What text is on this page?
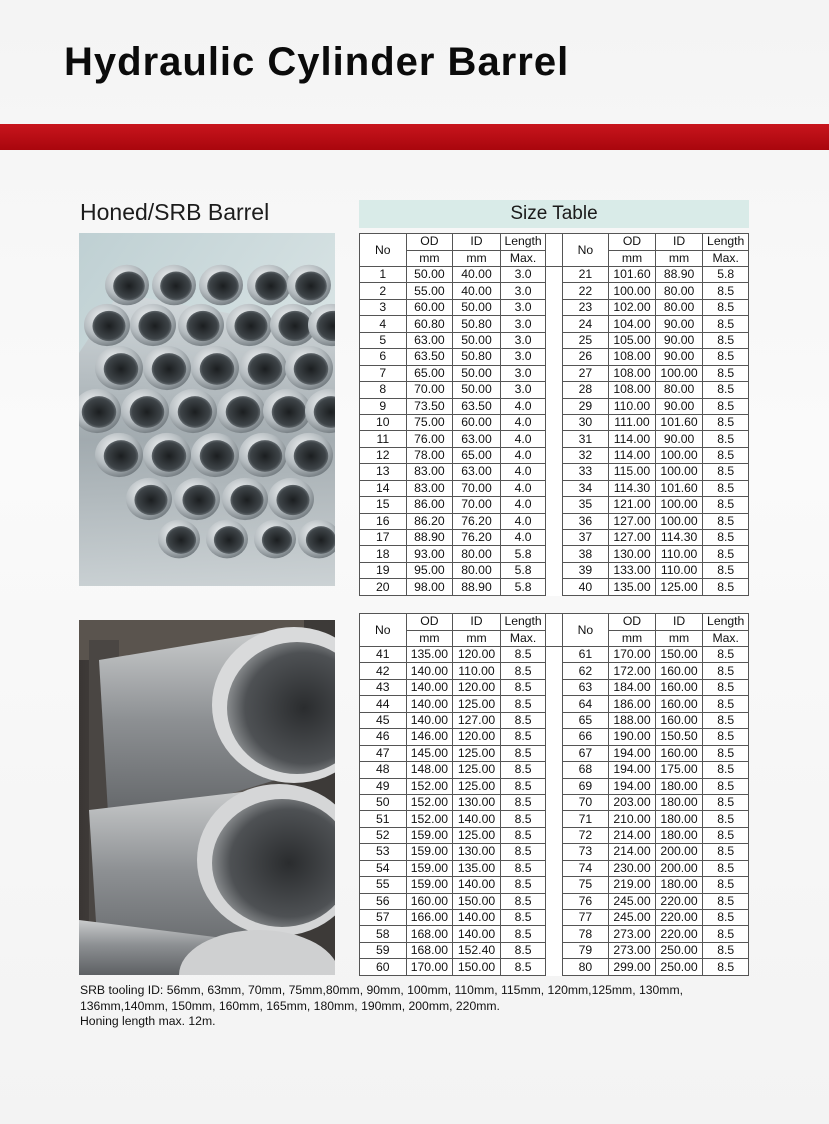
Hydraulic Cylinder Barrel
Honed/SRB Barrel	Size Table
No	OD	ID	Length		No	OD	ID	Length
	mm	mm	Max.			mm	mm	Max.
1	50.00	40.00	3.0		21	101.60	88.90	5.8
2	55.00	40.00	3.0		22	100.00	80.00	8.5
3	60.00	50.00	3.0		23	102.00	80.00	8.5
4	60.80	50.80	3.0		24	104.00	90.00	8.5
5	63.00	50.00	3.0		25	105.00	90.00	8.5
6	63.50	50.80	3.0		26	108.00	90.00	8.5
7	65.00	50.00	3.0		27	108.00	100.00	8.5
8	70.00	50.00	3.0		28	108.00	80.00	8.5
9	73.50	63.50	4.0		29	110.00	90.00	8.5
10	75.00	60.00	4.0		30	111.00	101.60	8.5
11	76.00	63.00	4.0		31	114.00	90.00	8.5
12	78.00	65.00	4.0		32	114.00	100.00	8.5
13	83.00	63.00	4.0		33	115.00	100.00	8.5
14	83.00	70.00	4.0		34	114.30	101.60	8.5
15	86.00	70.00	4.0		35	121.00	100.00	8.5
16	86.20	76.20	4.0		36	127.00	100.00	8.5
17	88.90	76.20	4.0		37	127.00	114.30	8.5
18	93.00	80.00	5.8		38	130.00	110.00	8.5
19	95.00	80.00	5.8		39	133.00	110.00	8.5
20	98.00	88.90	5.8		40	135.00	125.00	8.5
No	OD	ID	Length		No	OD	ID	Length
	mm	mm	Max.			mm	mm	Max.
41	135.00	120.00	8.5		61	170.00	150.00	8.5
42	140.00	110.00	8.5		62	172.00	160.00	8.5
43	140.00	120.00	8.5		63	184.00	160.00	8.5
44	140.00	125.00	8.5		64	186.00	160.00	8.5
45	140.00	127.00	8.5		65	188.00	160.00	8.5
46	146.00	120.00	8.5		66	190.00	150.50	8.5
47	145.00	125.00	8.5		67	194.00	160.00	8.5
48	148.00	125.00	8.5		68	194.00	175.00	8.5
49	152.00	125.00	8.5		69	194.00	180.00	8.5
50	152.00	130.00	8.5		70	203.00	180.00	8.5
51	152.00	140.00	8.5		71	210.00	180.00	8.5
52	159.00	125.00	8.5		72	214.00	180.00	8.5
53	159.00	130.00	8.5		73	214.00	200.00	8.5
54	159.00	135.00	8.5		74	230.00	200.00	8.5
55	159.00	140.00	8.5		75	219.00	180.00	8.5
56	160.00	150.00	8.5		76	245.00	220.00	8.5
57	166.00	140.00	8.5		77	245.00	220.00	8.5
58	168.00	140.00	8.5		78	273.00	220.00	8.5
59	168.00	152.40	8.5		79	273.00	250.00	8.5
60	170.00	150.00	8.5		80	299.00	250.00	8.5
SRB tooling ID: 56mm, 63mm, 70mm, 75mm,80mm, 90mm, 100mm, 110mm, 115mm, 120mm,125mm, 130mm,
136mm,140mm, 150mm, 160mm, 165mm, 180mm, 190mm, 200mm, 220mm.
Honing length max. 12m.
